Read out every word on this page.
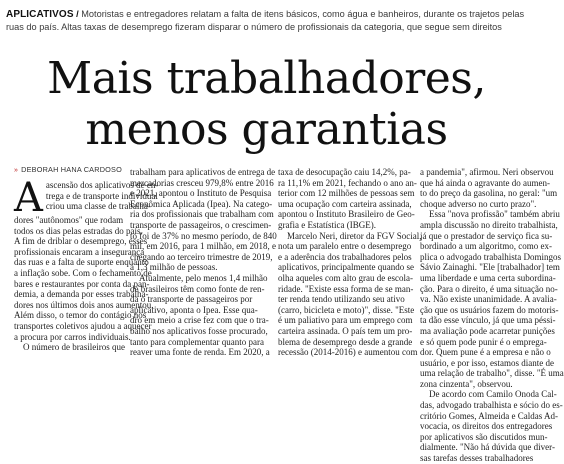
APLICATIVOS / Motoristas e entregadores relatam a falta de itens básicos, como água e banheiros, durante os trajetos pelas ruas do país. Altas taxas de desemprego fizeram disparar o número de profissionais da categoria, que segue sem direitos
Mais trabalhadores,
menos garantias
» DEBORAH HANA CARDOSO
A ascensão dos aplicativos de en-
trega e de transporte individual
criou uma classe de trabalha-
dores "autônomos" que rodam
todos os dias pelas estradas do país.
A fim de driblar o desemprego, esses
profissionais encaram a insegurança
das ruas e a falta de suporte enquanto
a inflação sobe. Com o fechamento de
bares e restaurantes por conta da pan-
demia, a demanda por esses trabalha-
dores nos últimos dois anos aumentou.
Além disso, o temor do contágio nos
transportes coletivos ajudou a aquecer
a procura por carros individuais.
O número de brasileiros que
trabalham para aplicativos de entrega de
mercadorias cresceu 979,8% entre 2016
e 2021, apontou o Instituto de Pesquisa
Econômica Aplicada (Ipea). Na catego-
ria dos profissionais que trabalham com
transporte de passageiros, o crescimen-
to foi de 37% no mesmo período, de 840
mil, em 2016, para 1 milhão, em 2018, e
chegando ao terceiro trimestre de 2019,
a 1,3 milhão de pessoas.
Atualmente, pelo menos 1,4 milhão
de brasileiros têm como fonte de ren-
da o transporte de passageiros por
aplicativo, aponta o Ipea. Esse qua-
dro em meio a crise fez com que o tra-
balho nos aplicativos fosse procurado,
tanto para complementar quanto para
reaver uma fonte de renda. Em 2020, a
taxa de desocupação caiu 14,2%, pa-
ra 11,1% em 2021, fechando o ano an-
terior com 12 milhões de pessoas sem
uma ocupação com carteira assinada,
apontou o Instituto Brasileiro de Geo-
grafia e Estatística (IBGE).
Marcelo Neri, diretor da FGV Social,
nota um paralelo entre o desemprego
e a aderência dos trabalhadores pelos
aplicativos, principalmente quando se
olha aqueles com alto grau de escola-
ridade. "Existe essa forma de se man-
ter renda tendo utilizando seu ativo
(carro, bicicleta e moto)", disse. "Este
é um paliativo para um emprego com
carteira assinada. O país tem um pro-
blema de desemprego desde a grande
recessão (2014-2016) e aumentou com
a pandemia", afirmou. Neri observou
que há ainda o agravante do aumen-
to do preço da gasolina, no geral: "um
choque adverso no curto prazo".
Essa "nova profissão" também abriu
ampla discussão no direito trabalhista,
já que o prestador de serviço fica su-
bordinado a um algoritmo, como ex-
plica o advogado trabalhista Domingos
Sávio Zainaghi. "Ele [trabalhador] tem
uma liberdade e uma certa subordina-
ção. Para o direito, é uma situação no-
va. Não existe unanimidade. A avalia-
ção que os usuários fazem do motoris-
ta dão esse vínculo, já que uma péssi-
ma avaliação pode acarretar punições
e só quem pode punir é o emprega-
dor. Quem pune é a empresa e não o
usuário, e por isso, estamos diante de
uma relação de trabalho", disse. "É uma
zona cinzenta", observou.
De acordo com Camilo Onoda Cal-
das, advogado trabalhista e sócio do es-
critório Gomes, Almeida e Caldas Ad-
vocacia, os direitos dos entregadores
por aplicativos são discutidos mun-
dialmente. "Não há dúvida que diver-
sas tarefas desses trabalhadores
